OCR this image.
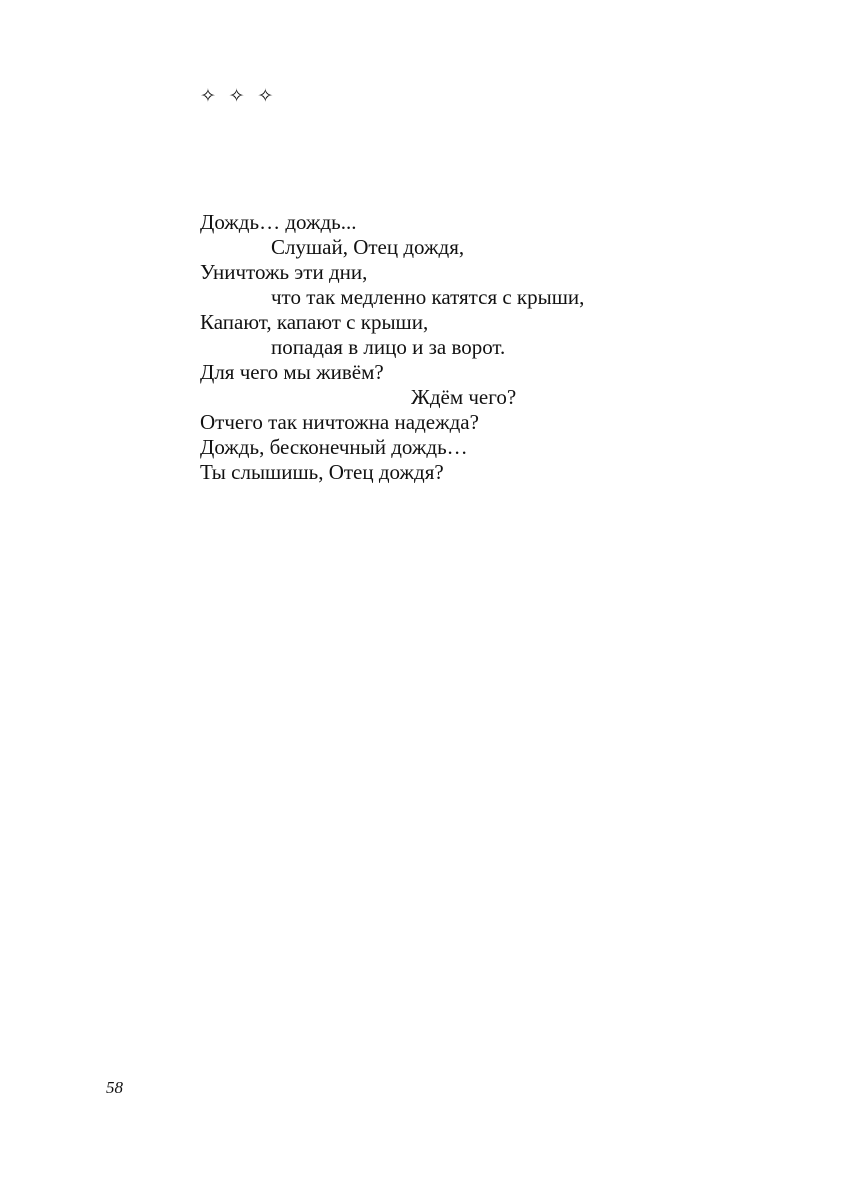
✧ ✧ ✧
Дождь… дождь...
Слушай, Отец дождя,
Уничтожь эти дни,
что так медленно катятся с крыши,
Капают, капают с крыши,
попадая в лицо и за ворот.
Для чего мы живём?
Ждём чего?
Отчего так ничтожна надежда?
Дождь, бесконечный дождь…
Ты слышишь, Отец дождя?
58
